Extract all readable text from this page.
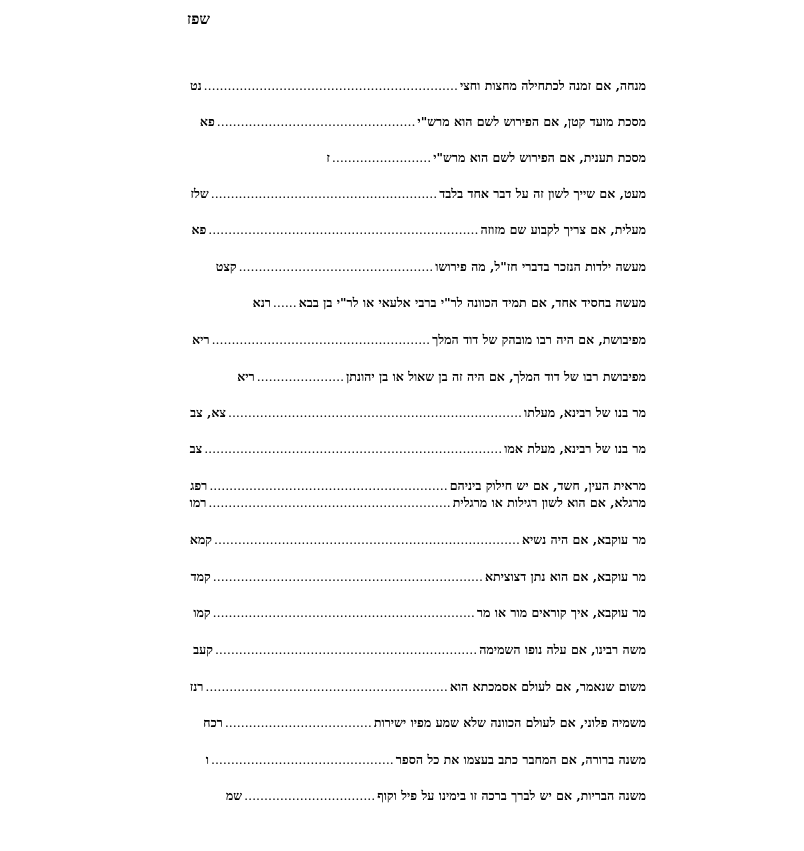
שפז
מנחה, אם זמנה לכתחילה מחצות וחצי
................................................................
נט
מסכת מועד קטן, אם הפירוש לשם הוא מרש"י
..................................................
פא
מסכת תענית, אם הפירוש לשם הוא מרש"י
.........................
ז
מעט, אם שייך לשון זה על דבר אחד בלבד
.........................................................
שלז
מעלית, אם צריך לקבוע שם מזוזה
....................................................................
פא
מעשה ילדות הנזכר בדברי חז"ל, מה פירושו
.................................................
קצט
מעשה בחסיד אחד, אם תמיד הכוונה לר"י ברבי אלעאי או לר"י בן בבא
......
רנא
מפיבושת, אם היה רבו מובהק של דוד המלך
.......................................................
ריא
מפיבושת רבו של דוד המלך, אם היה זה בן שאול או בן יהונתן
......................
ריא
מר בנו של רבינא, מעלתו
..........................................................................
צא, צב
מר בנו של רבינא, מעלת אמו
...........................................................................
צב
מראית העין, חשד, אם יש חילוק ביניהם
............................................................
רפג
מרגלא, אם הוא לשון רגילות או מרגלית
.............................................................
רמו
מר עוקבא, אם היה נשיא
.............................................................................
קמא
מר עוקבא, אם הוא נתן דצוציתא
....................................................................
קמד
מר עוקבא, איך קוראים מור או מר
..................................................................
קמו
משה רבינו, אם עלה נופו השמימה
..................................................................
קעב
משום שנאמר, אם לעולם אסמכתא הוא
.............................................................
רנז
משמיה פלוני, אם לעולם הכוונה שלא שמע מפיו ישירות
.....................................
רכח
משנה ברורה, אם המחבר כתב בעצמו את כל הספר
..............................................
ו
משנה הבריות, אם יש לברך ברכה זו בימינו על פיל וקוף
.................................
שמ
